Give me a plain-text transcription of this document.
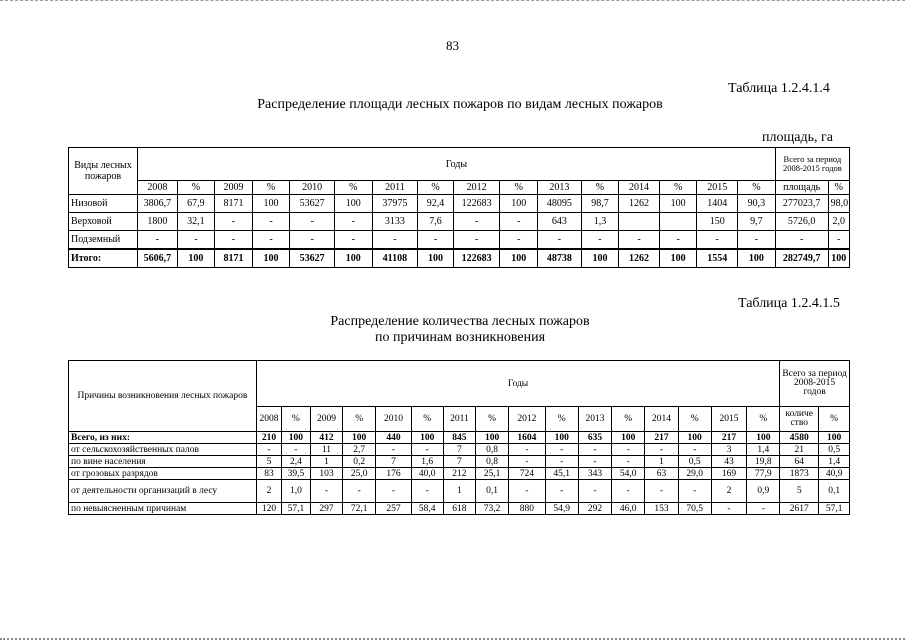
83
Таблица 1.2.4.1.4
Распределение площади лесных пожаров по видам лесных пожаров
площадь, га
Виды лесных пожаров	Годы																Всего за период 2008-2015 годов	
	2008	%	2009	%	2010	%	2011	%	2012	%	2013	%	2014	%	2015	%	площадь	%
Низовой	3806,7	67,9	8171	100	53627	100	37975	92,4	122683	100	48095	98,7	1262	100	1404	90,3	277023,7	98,0
Верховой	1800	32,1	-	-	-	-	3133	7,6	-	-	643	1,3			150	9,7	5726,0	2,0
Подземный	-	-	-	-	-	-	-	-	-	-	-	-	-	-	-	-	-	-
Итого:	5606,7	100	8171	100	53627	100	41108	100	122683	100	48738	100	1262	100	1554	100	282749,7	100
Таблица 1.2.4.1.5
Распределение количества лесных пожаров
по причинам возникновения
Причины возникновения лесных пожаров	Годы																Всего за период 2008-2015 годов	
	2008	%	2009	%	2010	%	2011	%	2012	%	2013	%	2014	%	2015	%	количе ство	%
Всего, из них:	210	100	412	100	440	100	845	100	1604	100	635	100	217	100	217	100	4580	100
от сельскохозяйственных палов	-	-	11	2,7	-	-	7	0,8	-	-	-	-	-	-	3	1,4	21	0,5
по вине населения	5	2,4	1	0,2	7	1,6	7	0,8	-	-	-	-	1	0,5	43	19,8	64	1,4
от грозовых разрядов	83	39,5	103	25,0	176	40,0	212	25,1	724	45,1	343	54,0	63	29,0	169	77,9	1873	40,9
от деятельности организаций в лесу	2	1,0	-	-	-	-	1	0,1	-	-	-	-	-	-	2	0,9	5	0,1
по невыясненным причинам	120	57,1	297	72,1	257	58,4	618	73,2	880	54,9	292	46,0	153	70,5	-	-	2617	57,1
